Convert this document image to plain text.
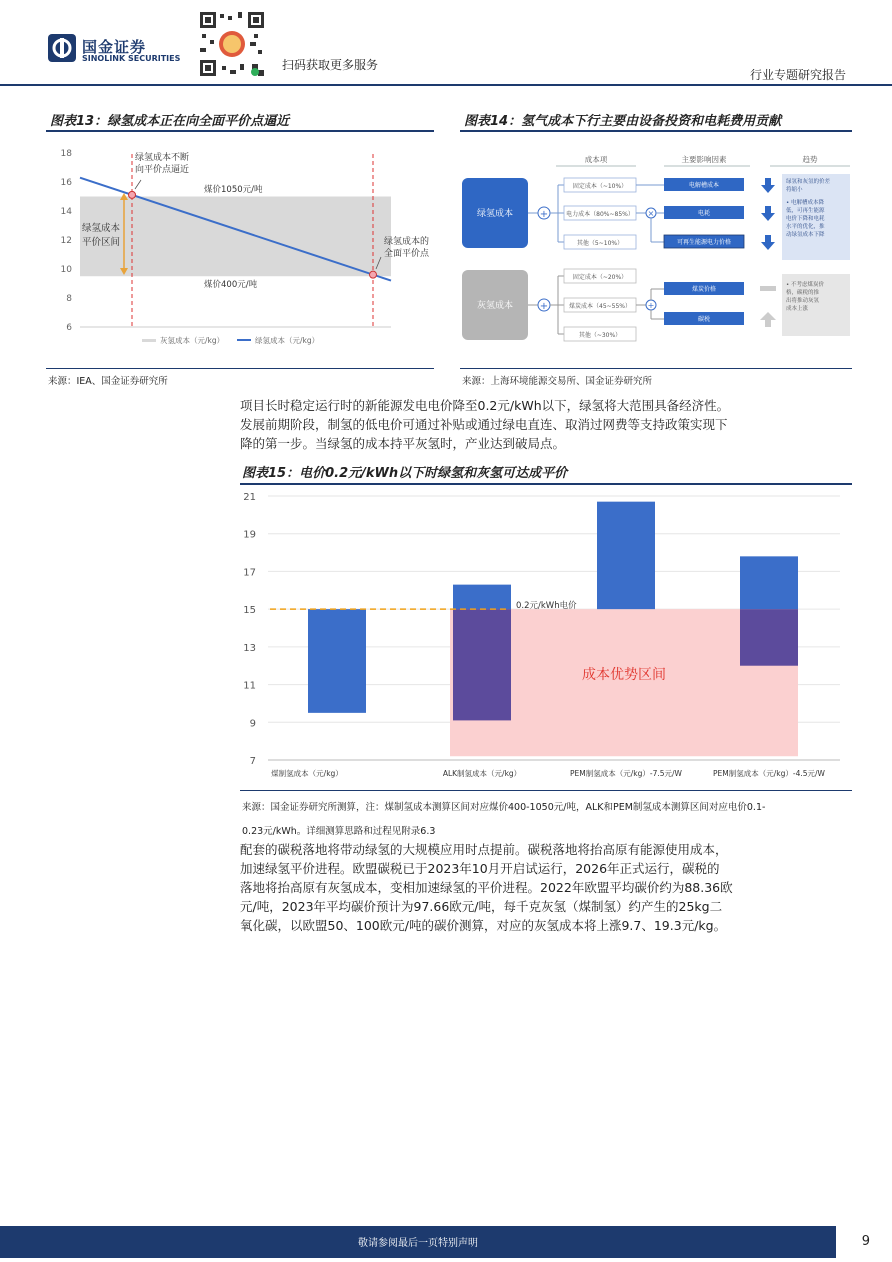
国金证券
SINOLINK SECURITIES	扫码获取更多服务
行业专题研究报告
图表13：绿氢成本正在向全面平价点逼近
18
16
14
12
10
8
6
绿氢成本不断
向平价点逼近
绿氢成本
平价区间	绿氢成本的
全面平价点
煤价1050元/吨
煤价400元/吨
灰氢成本（元/kg）	绿氢成本（元/kg）
来源：IEA、国金证券研究所
图表14：氢气成本下行主要由设备投资和电耗费用贡献
成本项	主要影响因素	趋势
绿氢成本	+
固定成本（~10%）
电力成本（80%~85%）
其他（5~10%）
×
电解槽成本
电耗
可再生能源电力价格
绿氢和灰氢的价差 将缩小 • 电解槽成本降 低，可再生能源 电价下降和电耗 水平的优化，推 动绿氢成本下降
灰氢成本	+
固定成本（~20%）
煤炭成本（45~55%）
其他（~30%）
+
煤炭价格
碳税
• 不考虑煤炭价 格，碳税的推 出将推动灰氢 成本上涨
来源：上海环境能源交易所、国金证券研究所
项目长时稳定运行时的新能源发电电价降至0.2元/kWh以下，绿氢将大范围具备经济性。
发展前期阶段，制氢的低电价可通过补贴或通过绿电直连、取消过网费等支持政策实现下
降的第一步。当绿氢的成本持平灰氢时，产业达到破局点。
图表15：电价0.2元/kWh以下时绿氢和灰氢可达成平价
21
19
17
15
13
11
9
7
0.2元/kWh电价
成本优势区间
煤制氢成本（元/kg）	ALK制氢成本（元/kg）	PEM制氢成本（元/kg）-7.5元/W	PEM制氢成本（元/kg）-4.5元/W
来源：国金证券研究所测算，注：煤制氢成本测算区间对应煤价400-1050元/吨，ALK和PEM制氢成本测算区间对应电价0.1-
0.23元/kWh。详细测算思路和过程见附录6.3
配套的碳税落地将带动绿氢的大规模应用时点提前。碳税落地将抬高原有能源使用成本，
加速绿氢平价进程。欧盟碳税已于2023年10月开启试运行，2026年正式运行，碳税的
落地将抬高原有灰氢成本，变相加速绿氢的平价进程。2022年欧盟平均碳价约为88.36欧
元/吨，2023年平均碳价预计为97.66欧元/吨，每千克灰氢（煤制氢）约产生的25kg二
氧化碳，以欧盟50、100欧元/吨的碳价测算，对应的灰氢成本将上涨9.7、19.3元/kg。
敬请参阅最后一页特别声明	9
